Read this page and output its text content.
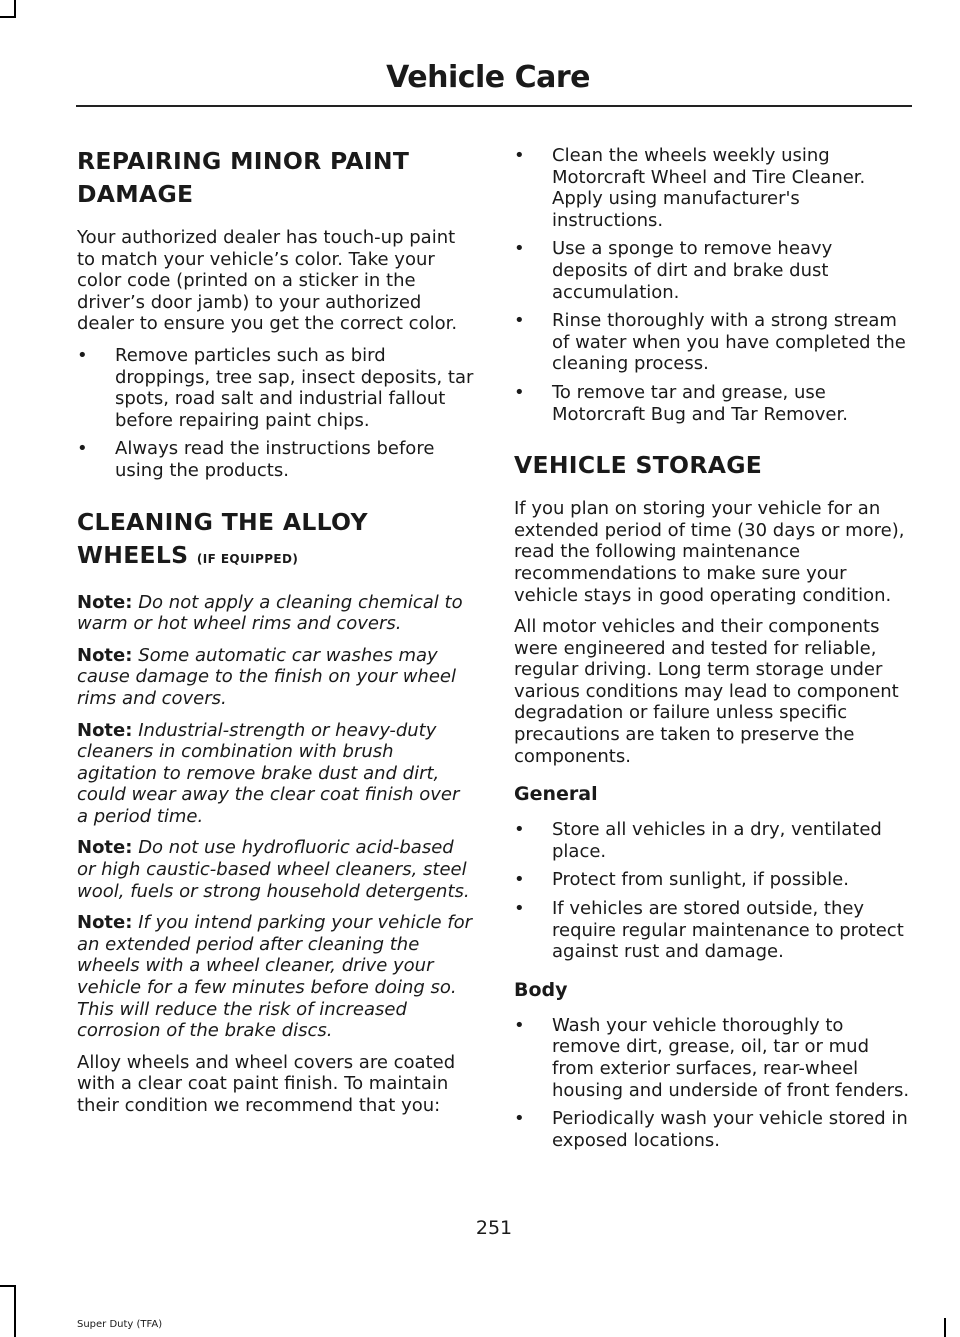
Vehicle Care
REPAIRING MINOR PAINT DAMAGE

Your authorized dealer has touch-up paint to match your vehicle’s color. Take your color code (printed on a sticker in the driver’s door jamb) to your authorized dealer to ensure you get the correct color.

• Remove particles such as bird droppings, tree sap, insect deposits, tar spots, road salt and industrial fallout before repairing paint chips.
• Always read the instructions before using the products.
CLEANING THE ALLOY WHEELS (IF EQUIPPED)

Note: Do not apply a cleaning chemical to warm or hot wheel rims and covers.

Note: Some automatic car washes may cause damage to the finish on your wheel rims and covers.

Note: Industrial-strength or heavy-duty cleaners in combination with brush agitation to remove brake dust and dirt, could wear away the clear coat finish over a period time.

Note: Do not use hydrofluoric acid-based or high caustic-based wheel cleaners, steel wool, fuels or strong household detergents.

Note: If you intend parking your vehicle for an extended period after cleaning the wheels with a wheel cleaner, drive your vehicle for a few minutes before doing so. This will reduce the risk of increased corrosion of the brake discs.

Alloy wheels and wheel covers are coated with a clear coat paint finish. To maintain their condition we recommend that you:

• Clean the wheels weekly using Motorcraft Wheel and Tire Cleaner. Apply using manufacturer's instructions.
• Use a sponge to remove heavy deposits of dirt and brake dust accumulation.
• Rinse thoroughly with a strong stream of water when you have completed the cleaning process.
• To remove tar and grease, use Motorcraft Bug and Tar Remover.
VEHICLE STORAGE

If you plan on storing your vehicle for an extended period of time (30 days or more), read the following maintenance recommendations to make sure your vehicle stays in good operating condition.

All motor vehicles and their components were engineered and tested for reliable, regular driving. Long term storage under various conditions may lead to component degradation or failure unless specific precautions are taken to preserve the components.

General
• Store all vehicles in a dry, ventilated place.
• Protect from sunlight, if possible.
• If vehicles are stored outside, they require regular maintenance to protect against rust and damage.
Body
• Wash your vehicle thoroughly to remove dirt, grease, oil, tar or mud from exterior surfaces, rear-wheel housing and underside of front fenders.
• Periodically wash your vehicle stored in exposed locations.

251

Super Duty (TFA)
